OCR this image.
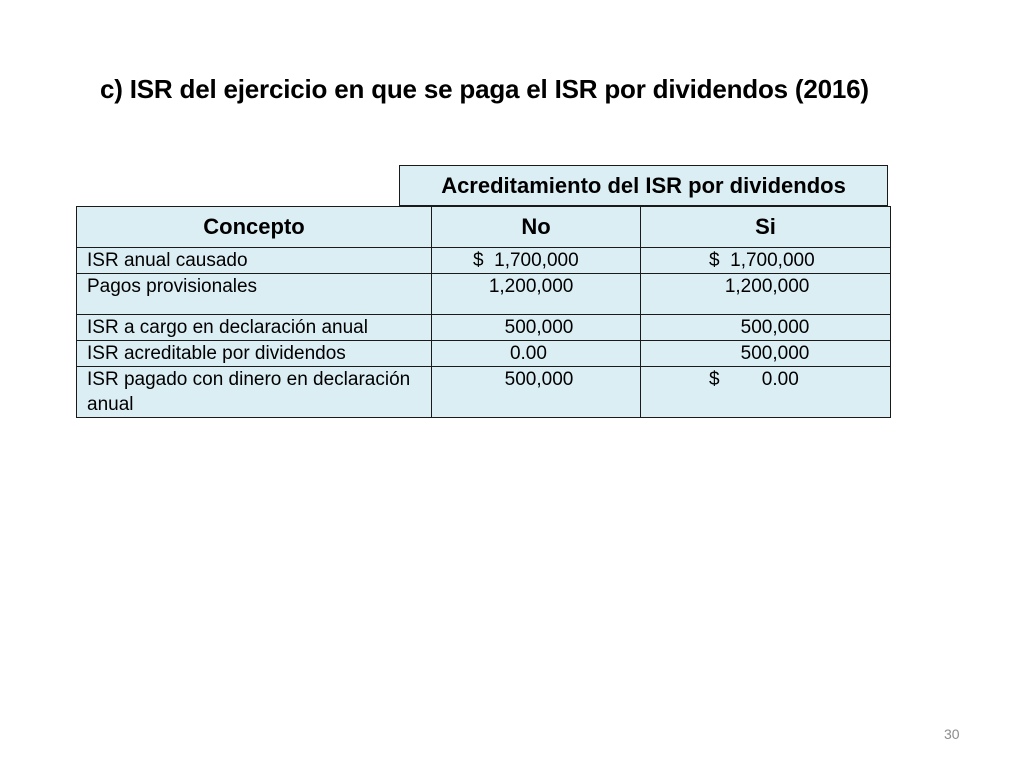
c) ISR del ejercicio en que se paga el ISR por dividendos (2016)
Acreditamiento del ISR por dividendos
Concepto	No	Si
ISR anual causado	$  1,700,000	$  1,700,000
Pagos provisionales	1,200,000	1,200,000
ISR a cargo en declaración anual	500,000	500,000
ISR acreditable por dividendos	0.00	500,000
ISR pagado con dinero en declaración anual	500,000	$        0.00
30
